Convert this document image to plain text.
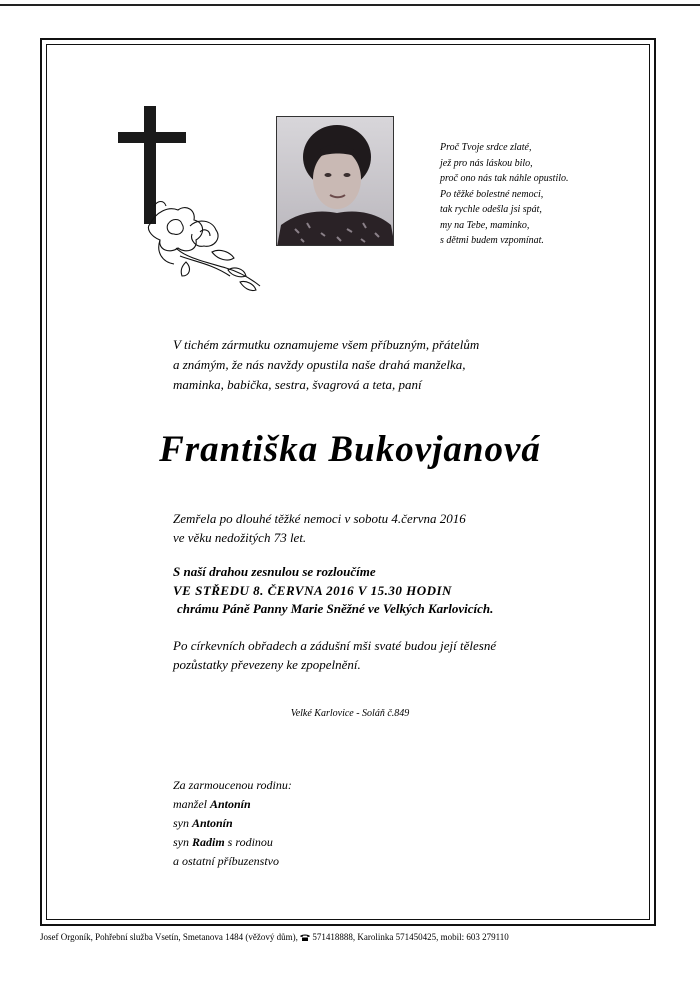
Proč Tvoje srdce zlaté,
jež pro nás láskou bilo,
proč ono nás tak náhle opustilo.
Po těžké bolestné nemoci,
tak rychle odešla jsi spát,
my na Tebe, maminko,
s dětmi budem vzpomínat.
V tichém zármutku oznamujeme všem příbuzným, přátelům
a známým, že nás navždy opustila naše drahá manželka,
maminka, babička, sestra, švagrová a teta, paní
Františka Bukovjanová
Zemřela po dlouhé těžké nemoci v sobotu 4.června 2016
ve věku nedožitých 73 let.
S naší drahou zesnulou se rozloučíme
VE STŘEDU 8. ČERVNA 2016 V 15.30 HODIN
chrámu Páně Panny Marie Sněžné ve Velkých Karlovicích.
Po církevních obřadech a zádušní mši svaté budou její tělesné
pozůstatky převezeny ke zpopelnění.
Velké Karlovice - Soláň č.849
Za zarmoucenou rodinu:
manžel Antonín
syn Antonín
syn Radim s rodinou
a ostatní příbuzenstvo
Josef Orgoník, Pohřební služba Vsetín, Smetanova 1484 (věžový dům),  571418888, Karolinka 571450425, mobil: 603 279110
